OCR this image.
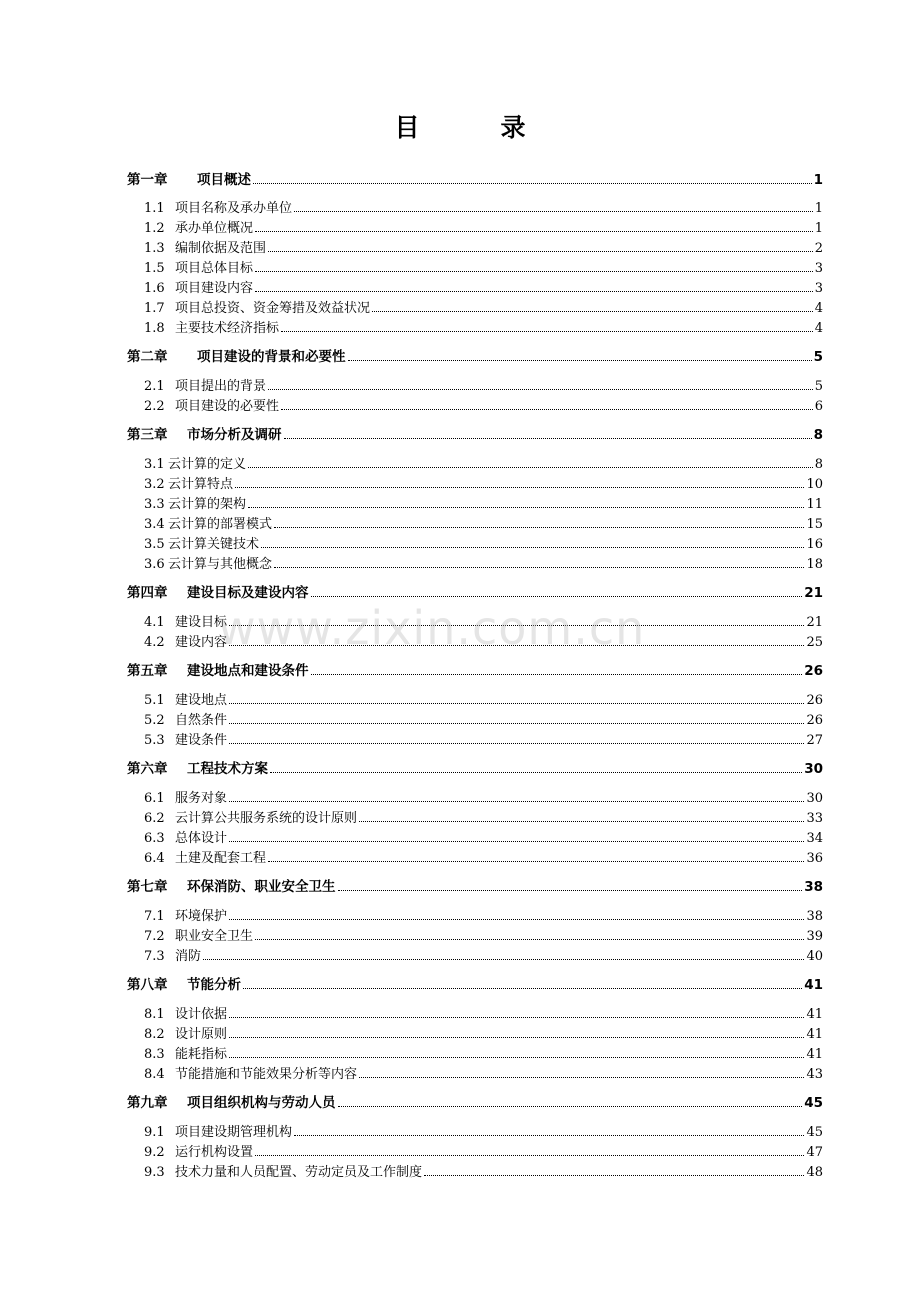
目　录
第一章	项目概述	1
1.1 项目名称及承办单位	1
1.2 承办单位概况	1
1.3 编制依据及范围	2
1.5 项目总体目标	3
1.6 项目建设内容	3
1.7 项目总投资、资金筹措及效益状况	4
1.8 主要技术经济指标	4
第二章	项目建设的背景和必要性	5
2.1 项目提出的背景	5
2.2 项目建设的必要性	6
第三章	市场分析及调研	8
3.1 云计算的定义	8
3.2 云计算特点	10
3.3 云计算的架构	11
3.4 云计算的部署模式	15
3.5 云计算关键技术	16
3.6 云计算与其他概念	18
第四章	建设目标及建设内容	21
4.1 建设目标	21
4.2 建设内容	25
第五章	建设地点和建设条件	26
5.1 建设地点	26
5.2 自然条件	26
5.3 建设条件	27
第六章	工程技术方案	30
6.1 服务对象	30
6.2 云计算公共服务系统的设计原则	33
6.3 总体设计	34
6.4 土建及配套工程	36
第七章	环保消防、职业安全卫生	38
7.1 环境保护	38
7.2 职业安全卫生	39
7.3 消防	40
第八章	节能分析	41
8.1 设计依据	41
8.2 设计原则	41
8.3 能耗指标	41
8.4 节能措施和节能效果分析等内容	43
第九章	项目组织机构与劳动人员	45
9.1 项目建设期管理机构	45
9.2 运行机构设置	47
9.3 技术力量和人员配置、劳动定员及工作制度	48
www.zixin.com.cn
